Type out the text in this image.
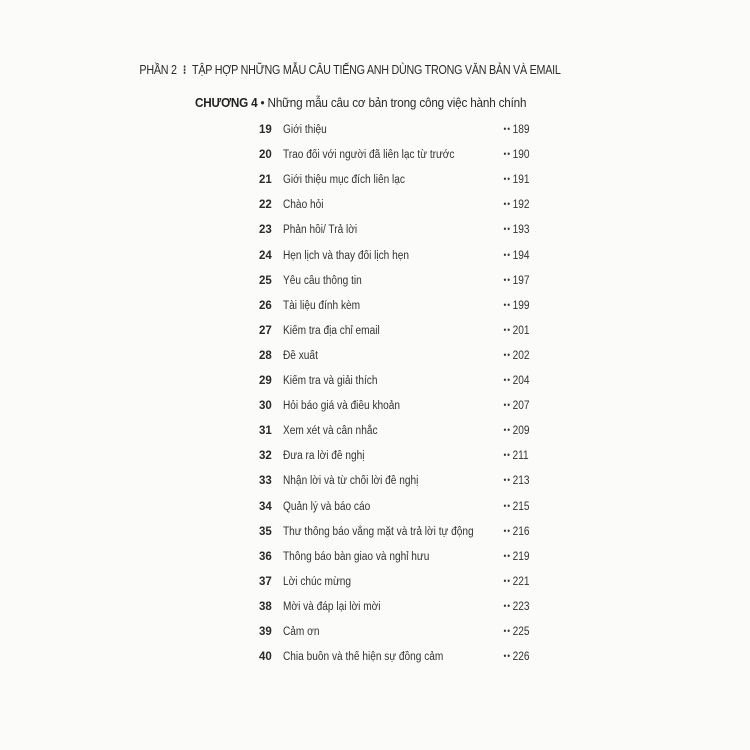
PHẦN 2 ⁝ TẬP HỢP NHỮNG MẪU CÂU TIẾNG ANH DÙNG TRONG VĂN BẢN VÀ EMAIL
CHƯƠNG 4 • Những mẫu câu cơ bản trong công việc hành chính
19 Giới thiệu	•• 189
20 Trao đổi với người đã liên lạc từ trước	•• 190
21 Giới thiệu mục đích liên lạc	•• 191
22 Chào hỏi	•• 192
23 Phản hồi/ Trả lời	•• 193
24 Hẹn lịch và thay đổi lịch hẹn	•• 194
25 Yêu cầu thông tin	•• 197
26 Tài liệu đính kèm	•• 199
27 Kiểm tra địa chỉ email	•• 201
28 Đề xuất	•• 202
29 Kiểm tra và giải thích	•• 204
30 Hỏi báo giá và điều khoản	•• 207
31 Xem xét và cân nhắc	•• 209
32 Đưa ra lời đề nghị	•• 211
33 Nhận lời và từ chối lời đề nghị	•• 213
34 Quản lý và báo cáo	•• 215
35 Thư thông báo vắng mặt và trả lời tự động	•• 216
36 Thông báo bàn giao và nghỉ hưu	•• 219
37 Lời chúc mừng	•• 221
38 Mời và đáp lại lời mời	•• 223
39 Cảm ơn	•• 225
40 Chia buồn và thể hiện sự đồng cảm	•• 226
